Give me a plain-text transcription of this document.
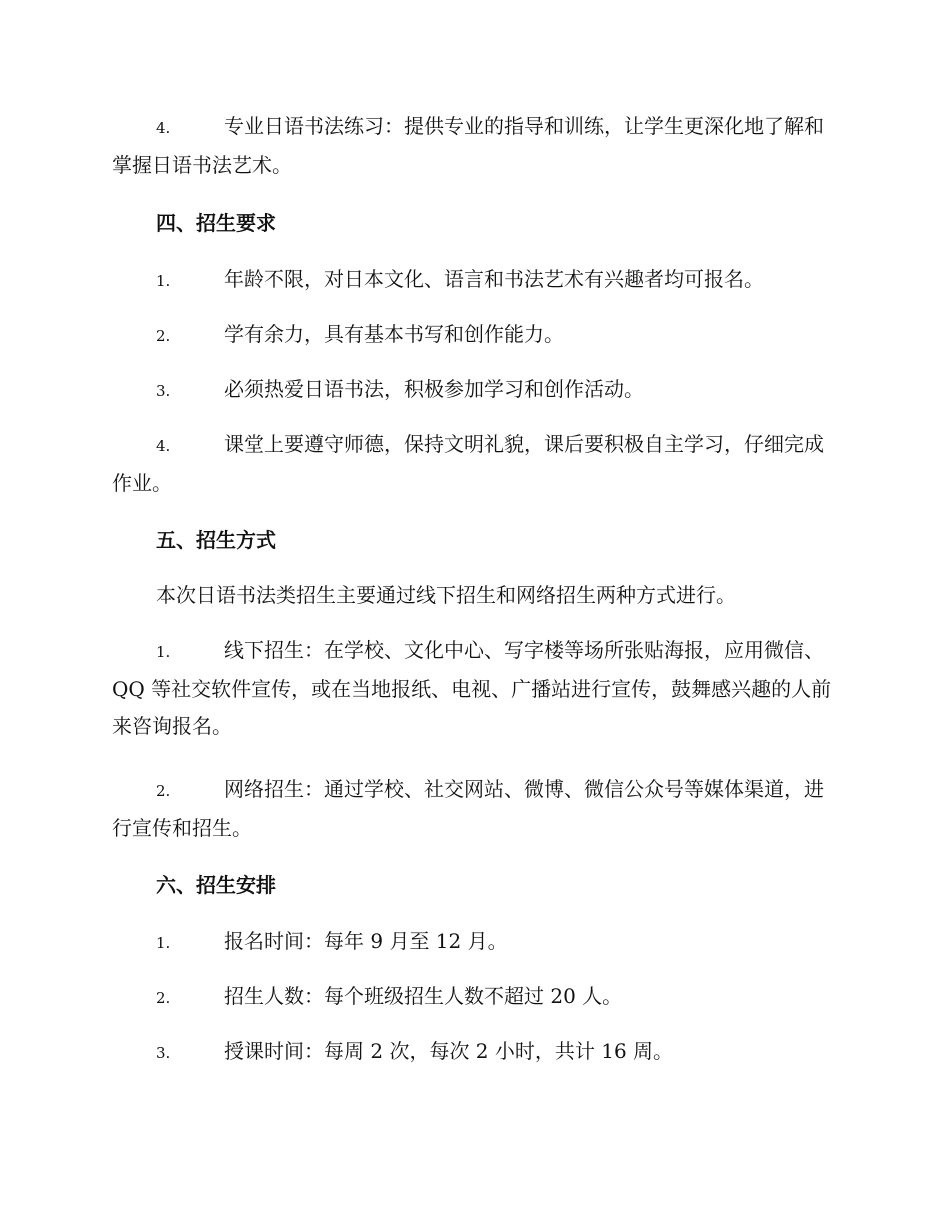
4.	专业日语书法练习：提供专业的指导和训练，让学生更深化地了解和掌握日语书法艺术。
四、招生要求
1.	年龄不限，对日本文化、语言和书法艺术有兴趣者均可报名。
2.	学有余力，具有基本书写和创作能力。
3.	必须热爱日语书法，积极参加学习和创作活动。
4.	课堂上要遵守师德，保持文明礼貌，课后要积极自主学习，仔细完成作业。
五、招生方式
本次日语书法类招生主要通过线下招生和网络招生两种方式进行。
1.	线下招生：在学校、文化中心、写字楼等场所张贴海报，应用微信、QQ 等社交软件宣传，或在当地报纸、电视、广播站进行宣传，鼓舞感兴趣的人前来咨询报名。
2.	网络招生：通过学校、社交网站、微博、微信公众号等媒体渠道，进行宣传和招生。
六、招生安排
1.	报名时间：每年 9 月至 12 月。
2.	招生人数：每个班级招生人数不超过 20 人。
3.	授课时间：每周 2 次，每次 2 小时，共计 16 周。
